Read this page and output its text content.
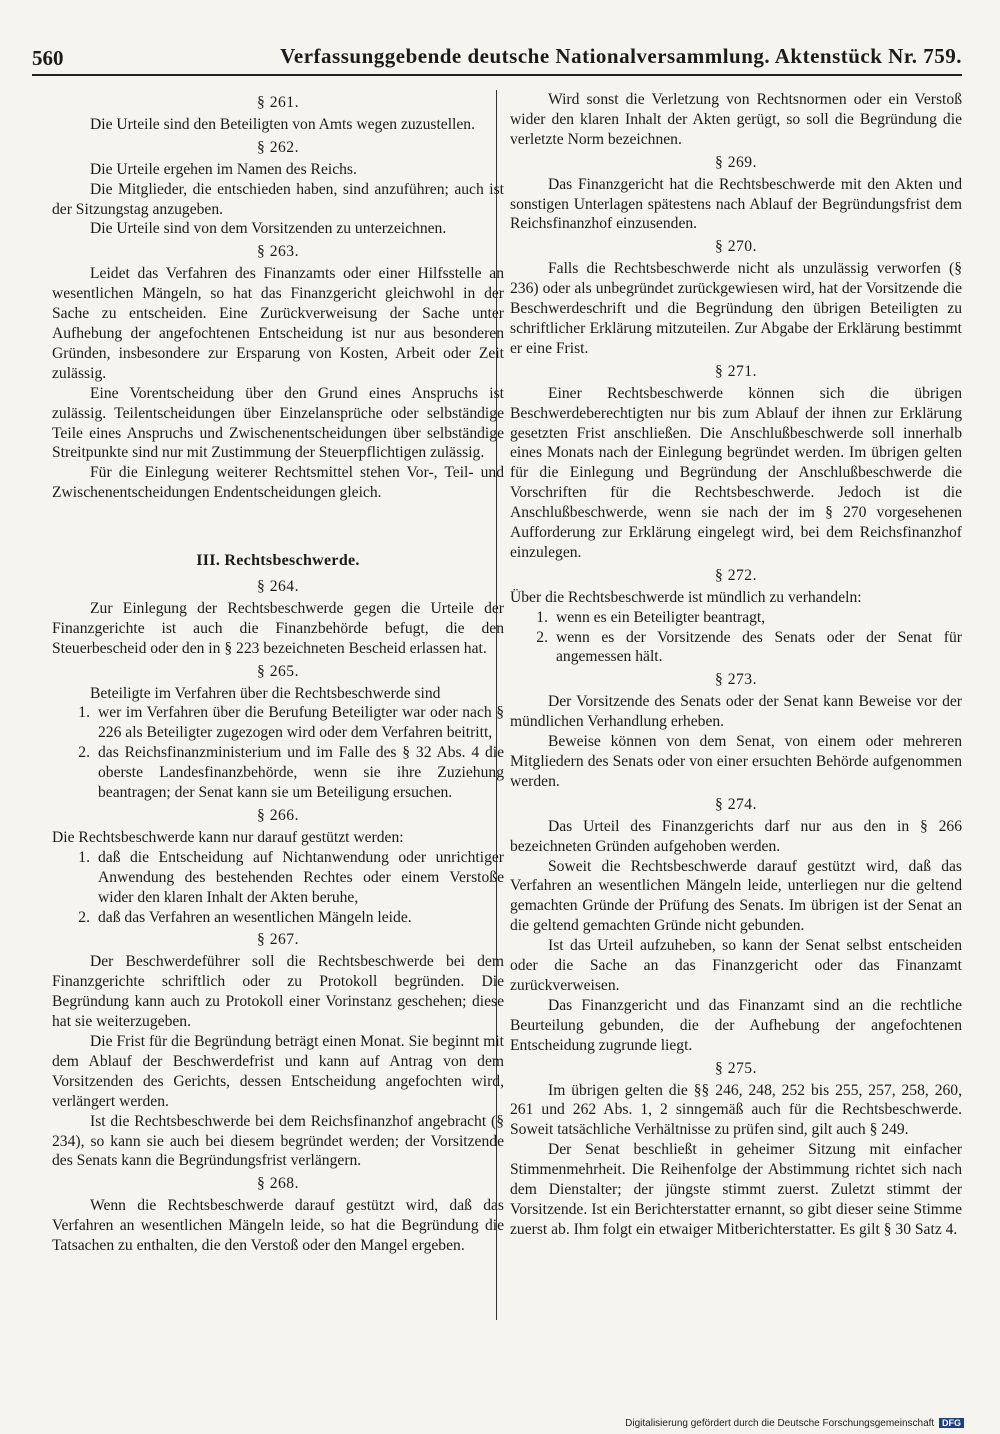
560	Verfassunggebende deutsche Nationalversammlung. Aktenstück Nr. 759.
§ 261.

Die Urteile sind den Beteiligten von Amts wegen zuzustellen.

§ 262.

Die Urteile ergehen im Namen des Reichs.

Die Mitglieder, die entschieden haben, sind anzuführen; auch ist der Sitzungstag anzugeben.

Die Urteile sind von dem Vorsitzenden zu unterzeichnen.

§ 263.

Leidet das Verfahren des Finanzamts oder einer Hilfsstelle an wesentlichen Mängeln, so hat das Finanzgericht gleichwohl in der Sache zu entscheiden. Eine Zurückverweisung der Sache unter Aufhebung der angefochtenen Entscheidung ist nur aus besonderen Gründen, insbesondere zur Ersparung von Kosten, Arbeit oder Zeit zulässig.

Eine Vorentscheidung über den Grund eines Anspruchs ist zulässig. Teilentscheidungen über Einzelansprüche oder selbständige Teile eines Anspruchs und Zwischenentscheidungen über selbständige Streitpunkte sind nur mit Zustimmung der Steuerpflichtigen zulässig.

Für die Einlegung weiterer Rechtsmittel stehen Vor-, Teil- und Zwischenentscheidungen Endentscheidungen gleich.

III. Rechtsbeschwerde.
§ 264.

Zur Einlegung der Rechtsbeschwerde gegen die Urteile der Finanzgerichte ist auch die Finanzbehörde befugt, die den Steuerbescheid oder den in § 223 bezeichneten Bescheid erlassen hat.

§ 265.

Beteiligte im Verfahren über die Rechtsbeschwerde sind

1. wer im Verfahren über die Berufung Beteiligter war oder nach § 226 als Beteiligter zugezogen wird oder dem Verfahren beitritt,
2. das Reichsfinanzministerium und im Falle des § 32 Abs. 4 die oberste Landesfinanzbehörde, wenn sie ihre Zuziehung beantragen; der Senat kann sie um Beteiligung ersuchen.
§ 266.

Die Rechtsbeschwerde kann nur darauf gestützt werden:

1. daß die Entscheidung auf Nichtanwendung oder unrichtiger Anwendung des bestehenden Rechtes oder einem Verstoße wider den klaren Inhalt der Akten beruhe,
2. daß das Verfahren an wesentlichen Mängeln leide.
§ 267.

Der Beschwerdeführer soll die Rechtsbeschwerde bei dem Finanzgerichte schriftlich oder zu Protokoll begründen. Die Begründung kann auch zu Protokoll einer Vorinstanz geschehen; diese hat sie weiterzugeben.

Die Frist für die Begründung beträgt einen Monat. Sie beginnt mit dem Ablauf der Beschwerdefrist und kann auf Antrag von dem Vorsitzenden des Gerichts, dessen Entscheidung angefochten wird, verlängert werden.

Ist die Rechtsbeschwerde bei dem Reichsfinanzhof angebracht (§ 234), so kann sie auch bei diesem begründet werden; der Vorsitzende des Senats kann die Begründungsfrist verlängern.

§ 268.

Wenn die Rechtsbeschwerde darauf gestützt wird, daß das Verfahren an wesentlichen Mängeln leide, so hat die Begründung die Tatsachen zu enthalten, die den Verstoß oder den Mangel ergeben.

Wird sonst die Verletzung von Rechtsnormen oder ein Verstoß wider den klaren Inhalt der Akten gerügt, so soll die Begründung die verletzte Norm bezeichnen.

§ 269.

Das Finanzgericht hat die Rechtsbeschwerde mit den Akten und sonstigen Unterlagen spätestens nach Ablauf der Begründungsfrist dem Reichsfinanzhof einzusenden.

§ 270.

Falls die Rechtsbeschwerde nicht als unzulässig verworfen (§ 236) oder als unbegründet zurückgewiesen wird, hat der Vorsitzende die Beschwerdeschrift und die Begründung den übrigen Beteiligten zu schriftlicher Erklärung mitzuteilen. Zur Abgabe der Erklärung bestimmt er eine Frist.

§ 271.

Einer Rechtsbeschwerde können sich die übrigen Beschwerdeberechtigten nur bis zum Ablauf der ihnen zur Erklärung gesetzten Frist anschließen. Die Anschlußbeschwerde soll innerhalb eines Monats nach der Einlegung begründet werden. Im übrigen gelten für die Einlegung und Begründung der Anschlußbeschwerde die Vorschriften für die Rechtsbeschwerde. Jedoch ist die Anschlußbeschwerde, wenn sie nach der im § 270 vorgesehenen Aufforderung zur Erklärung eingelegt wird, bei dem Reichsfinanzhof einzulegen.

§ 272.

Über die Rechtsbeschwerde ist mündlich zu verhandeln:

1. wenn es ein Beteiligter beantragt,
2. wenn es der Vorsitzende des Senats oder der Senat für angemessen hält.
§ 273.

Der Vorsitzende des Senats oder der Senat kann Beweise vor der mündlichen Verhandlung erheben.

Beweise können von dem Senat, von einem oder mehreren Mitgliedern des Senats oder von einer ersuchten Behörde aufgenommen werden.

§ 274.

Das Urteil des Finanzgerichts darf nur aus den in § 266 bezeichneten Gründen aufgehoben werden.

Soweit die Rechtsbeschwerde darauf gestützt wird, daß das Verfahren an wesentlichen Mängeln leide, unterliegen nur die geltend gemachten Gründe der Prüfung des Senats. Im übrigen ist der Senat an die geltend gemachten Gründe nicht gebunden.

Ist das Urteil aufzuheben, so kann der Senat selbst entscheiden oder die Sache an das Finanzgericht oder das Finanzamt zurückverweisen.

Das Finanzgericht und das Finanzamt sind an die rechtliche Beurteilung gebunden, die der Aufhebung der angefochtenen Entscheidung zugrunde liegt.

§ 275.

Im übrigen gelten die §§ 246, 248, 252 bis 255, 257, 258, 260, 261 und 262 Abs. 1, 2 sinngemäß auch für die Rechtsbeschwerde. Soweit tatsächliche Verhältnisse zu prüfen sind, gilt auch § 249.

Der Senat beschließt in geheimer Sitzung mit einfacher Stimmenmehrheit. Die Reihenfolge der Abstimmung richtet sich nach dem Dienstalter; der jüngste stimmt zuerst. Zuletzt stimmt der Vorsitzende. Ist ein Berichterstatter ernannt, so gibt dieser seine Stimme zuerst ab. Ihm folgt ein etwaiger Mitberichterstatter. Es gilt § 30 Satz 4.

Digitalisierung gefördert durch die Deutsche Forschungsgemeinschaft DFG
